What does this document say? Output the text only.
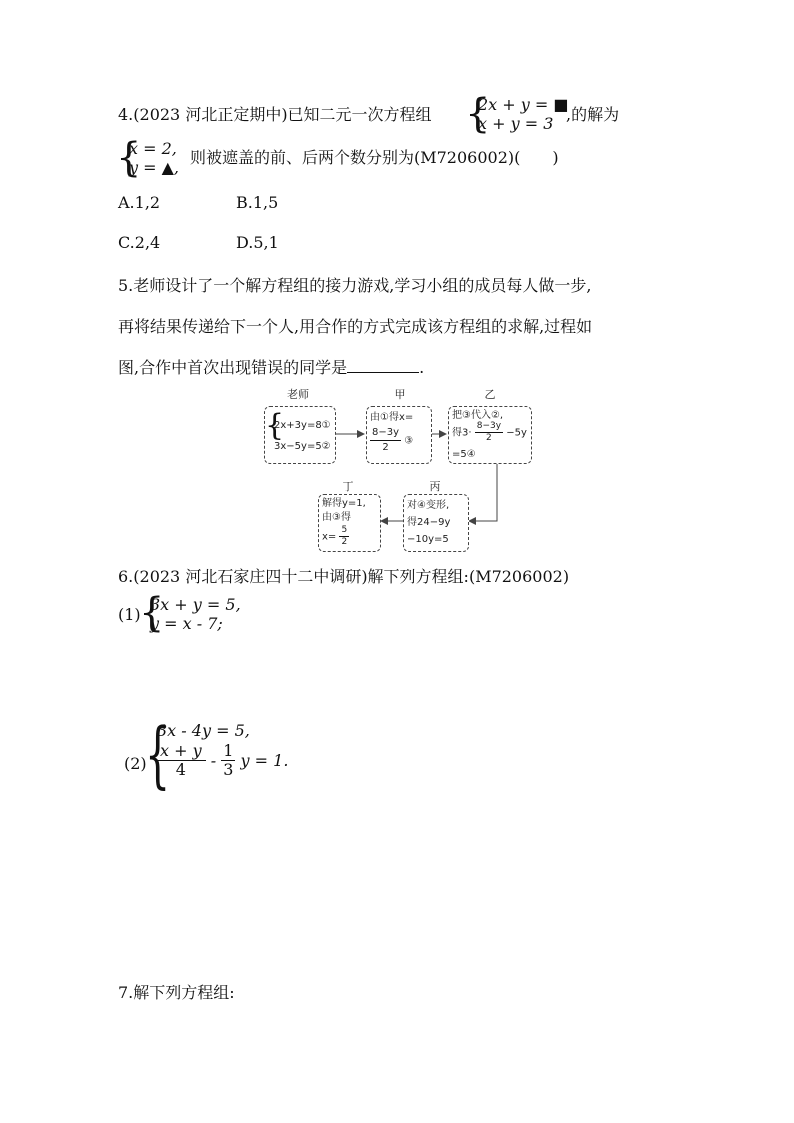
4.(2023 河北正定期中)已知二元一次方程组 {
2x + y = ■
x + y = 3 ,的解为
{
x = 2,
y = ▲,
则被遮盖的前、后两个数分别为(M7206002)(　　)
A.1,2	B.1,5
C.2,4	D.5,1
5.老师设计了一个解方程组的接力游戏,学习小组的成员每人做一步,
再将结果传递给下一个人,用合作的方式完成该方程组的求解,过程如
图,合作中首次出现错误的同学是	.
老师
{
2x+3y=8①
3x−5y=5②
甲
由①得x=
$\frac{8-3y}{2}$ ③
乙
把③代入②,
得$3\cdot \frac{8-3y}{2} -5y$
=5④
丙
对④变形,
得24−9y
−10y=5
丁
解得y=1,
由③得
$x= \frac{5}{2}$
6.(2023 河北石家庄四十二中调研)解下列方程组:(M7206002)
(1)
{
3x + y = 5,
y = x - 7;
(2)
{
3x - 4y = 5,
$\frac{x + y}{4} - \frac{1}{3}$ y = 1.
7.解下列方程组:
